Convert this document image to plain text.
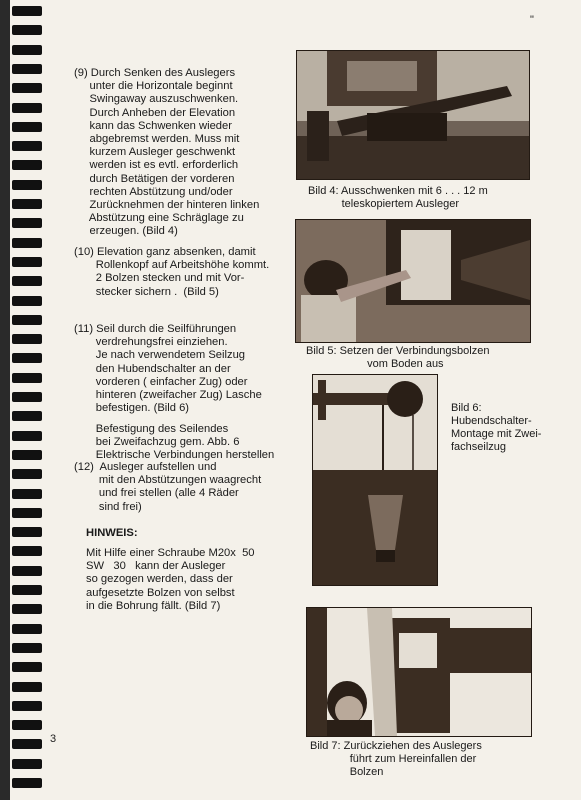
"

(9) Durch Senken des Auslegers
unter die Horizontale beginnt
Swingaway auszuschwenken.
Durch Anheben der Elevation
kann das Schwenken wieder
abgebremst werden. Muss mit
kurzem Ausleger geschwenkt
werden ist es evtl. erforderlich
durch Betätigen der vorderen
rechten Abstützung und/oder
Zurücknehmen der hinteren linken
Abstützung eine Schräglage zu
erzeugen. (Bild 4)

(10) Elevation ganz absenken, damit
Rollenkopf auf Arbeitshöhe kommt.
2 Bolzen stecken und mit Vor-
stecker sichern .  (Bild 5)

(11) Seil durch die Seilführungen
verdrehungsfrei einziehen.
Je nach verwendetem Seilzug
den Hubendschalter an der
vorderen ( einfacher Zug) oder
hinteren (zweifacher Zug) Lasche
befestigen. (Bild 6)

Befestigung des Seilendes
bei Zweifachzug gem. Abb. 6
Elektrische Verbindungen herstellen

(12)  Ausleger aufstellen und
mit den Abstützungen waagrecht
und frei stellen (alle 4 Räder
sind frei)

HINWEIS:

Mit Hilfe einer Schraube M20x  50
SW   30   kann der Ausleger
so gezogen werden, dass der
aufgesetzte Bolzen von selbst
in die Bohrung fällt. (Bild 7)

Bild 4: Ausschwenken mit 6 . . . 12 m
teleskopiertem Ausleger
Bild 5: Setzen der Verbindungsbolzen
vom Boden aus
Bild 6:
Hubendschalter-
Montage mit Zwei-
fachseilzug
Bild 7: Zurückziehen des Auslegers
führt zum Hereinfallen der
Bolzen
3
